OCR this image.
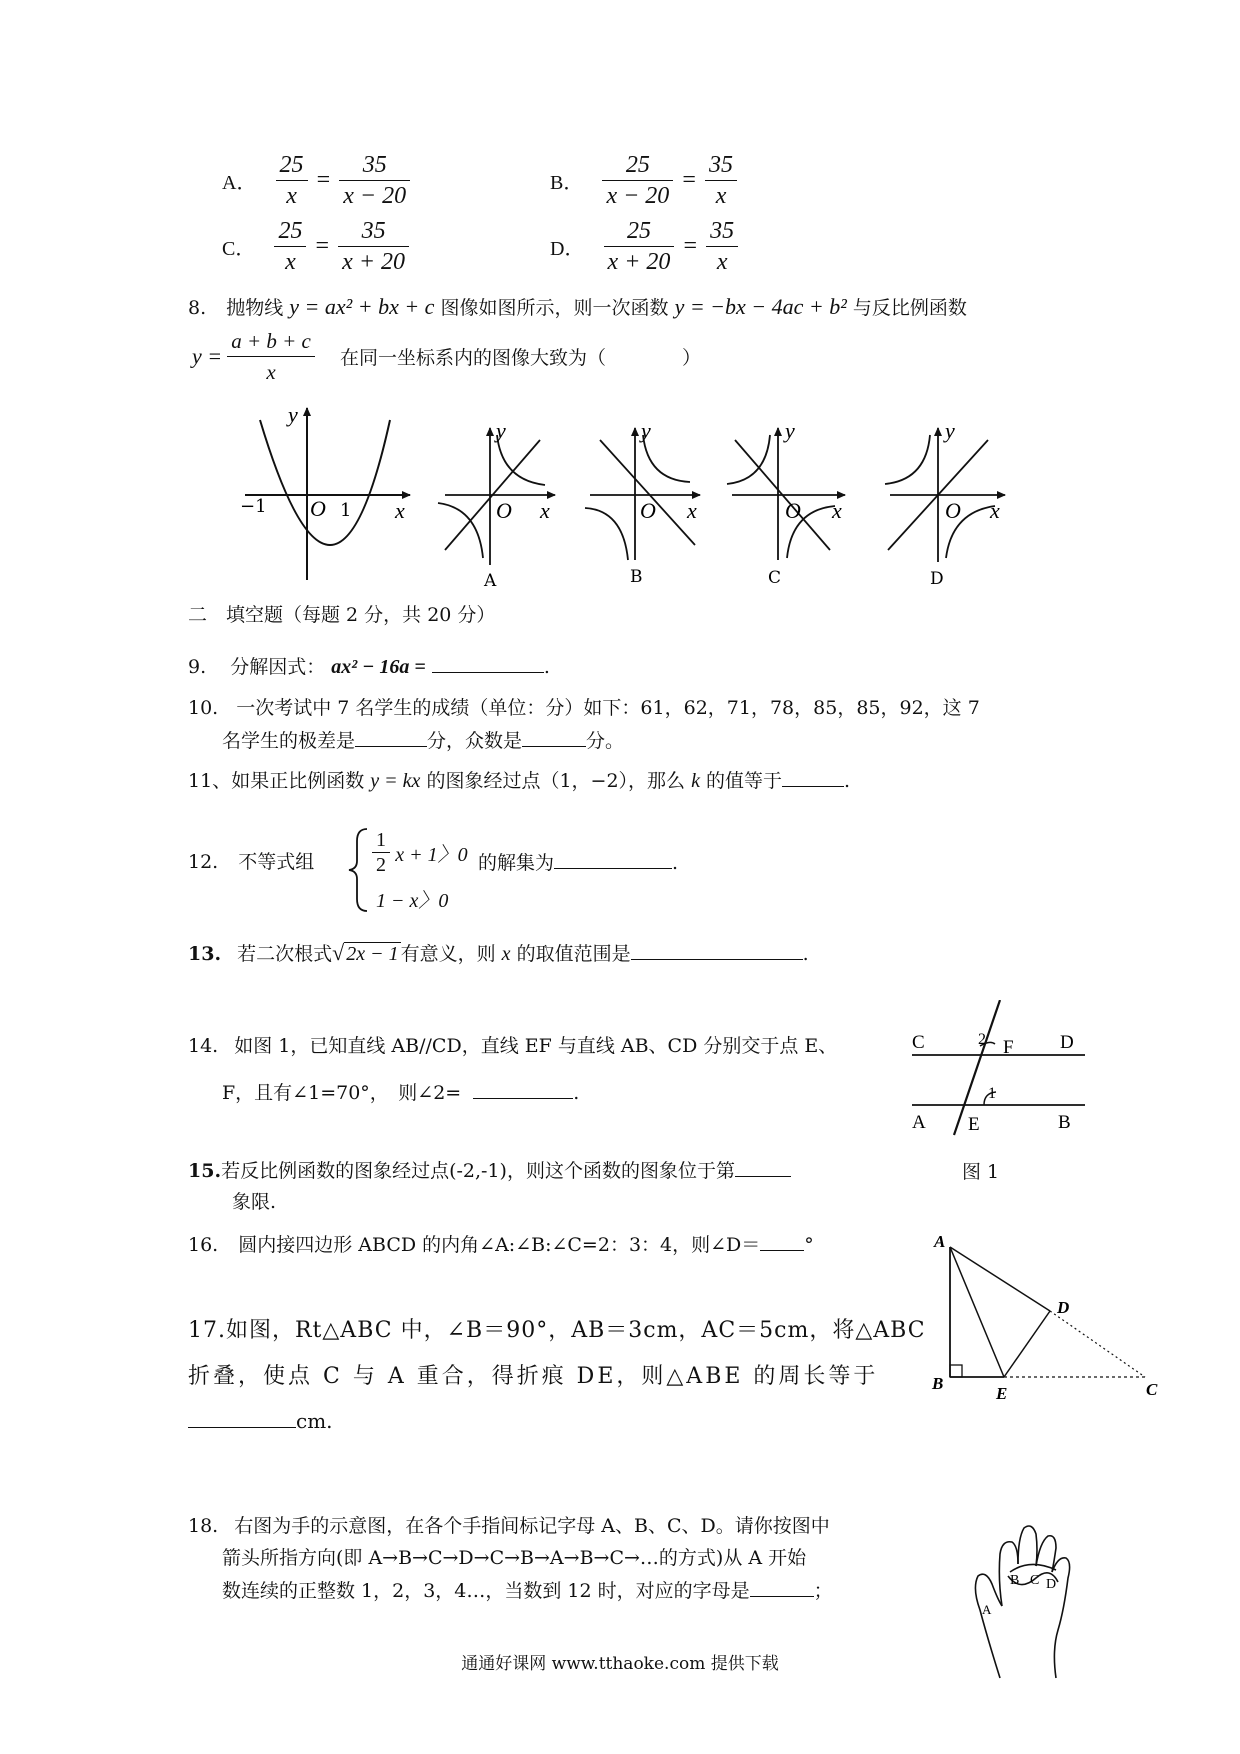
A． $\frac{25}{x} = \frac{35}{x - 20}$	B． $\frac{25}{x - 20} = \frac{35}{x}$
C． $\frac{25}{x} = \frac{35}{x + 20}$	D． $\frac{25}{x + 20} = \frac{35}{x}$
8. 抛物线 y = ax² + bx + c 图像如图所示，则一次函数 y = −bx − 4ac + b² 与反比例函数
$y = \frac{a + b + c}{x}$ 在同一坐标系内的图像大致为（　　　　）
y
x
O
−1	1
y
x
O
A
y
x
O
B
y
x
O
C
y
x
O
D
二　填空题（每题 2 分，共 20 分）
9. 分解因式： ax² − 16a =	.
10. 一次考试中 7 名学生的成绩（单位：分）如下：61，62，71，78，85，85，92，这 7
名学生的极差是	分，众数是	分。
11、如果正比例函数 y = kx 的图象经过点（1，−2），那么 k 的值等于	.
12. 不等式组	$\frac{1}{2}$ x + 1〉0
1 − x〉0
的解集为	.
13. 若二次根式√ 2x − 1 有意义，则 x 的取值范围是	.
14. 如图 1，已知直线 AB//CD，直线 EF 与直线 AB、CD 分别交于点 E、
F，且有∠1=70°，　则∠2=	.
C	D
A	B
E
F
1
2
图 1
15.若反比例函数的图象经过点(-2,-1)，则这个函数的图象位于第
象限.
16. 圆内接四边形 ABCD 的内角∠A:∠B:∠C=2：3：4，则∠D＝ °
17.如图，Rt△ABC 中，∠B＝90°，AB＝3cm，AC＝5cm，将△ABC
折叠，使点 C 与 A 重合，得折痕 DE，则△ABE 的周长等于
cm.
A
B
E	C
D
18. 右图为手的示意图，在各个手指间标记字母 A、B、C、D。请你按图中
箭头所指方向(即 A→B→C→D→C→B→A→B→C→…的方式)从 A 开始
数连续的正整数 1，2，3，4…，当数到 12 时，对应的字母是	；	B C D
A
通通好课网 www.tthaoke.com 提供下载
